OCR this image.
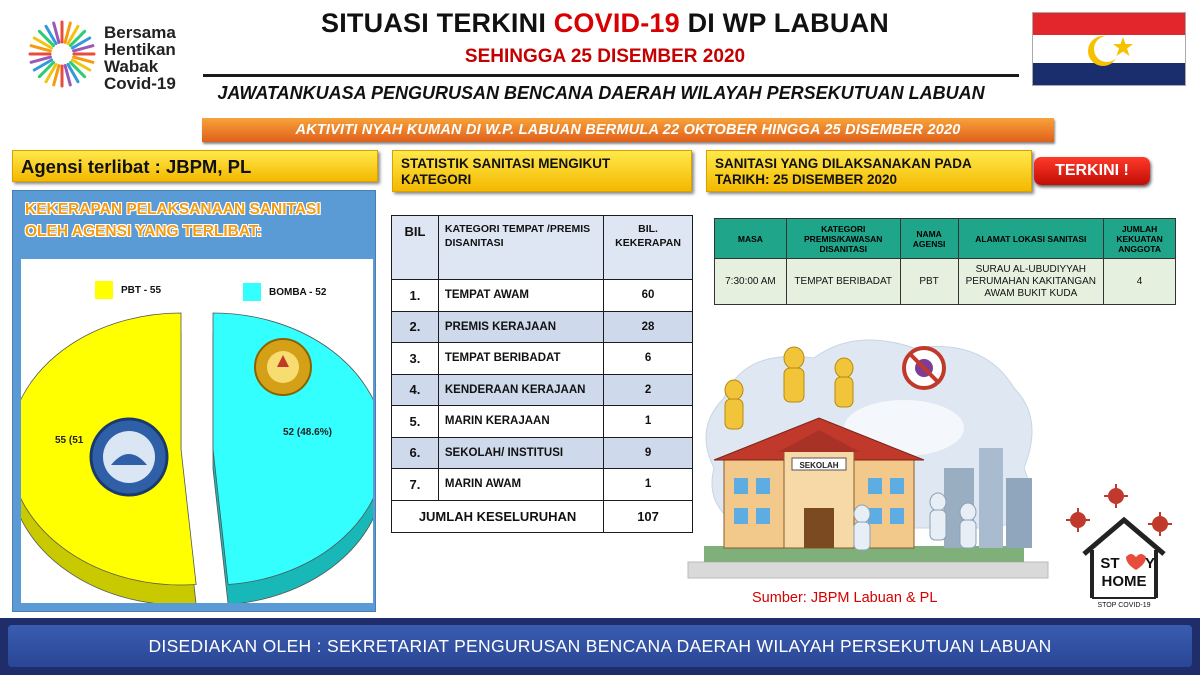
Bersama
Hentikan
Wabak
Covid-19
SITUASI TERKINI COVID-19 DI WP LABUAN
SEHINGGA 25 DISEMBER 2020
JAWATANKUASA PENGURUSAN BENCANA DAERAH WILAYAH PERSEKUTUAN LABUAN
AKTIVITI NYAH KUMAN DI W.P. LABUAN BERMULA 22 OKTOBER HINGGA 25 DISEMBER 2020
Agensi terlibat : JBPM, PL	STATISTIK SANITASI MENGIKUT KATEGORI
SANITASI YANG DILAKSANAKAN PADA TARIKH: 25 DISEMBER 2020
TERKINI !
KEKERAPAN PELAKSANAAN SANITASI
OLEH AGENSI YANG TERLIBAT:
PBT - 55	BOMBA - 52
55 (51
52 (48.6%)
BIL	KATEGORI TEMPAT /PREMIS DISANITASI	BIL. KEKERAPAN
1.	TEMPAT AWAM	60
2.	PREMIS KERAJAAN	28
3.	TEMPAT BERIBADAT	6
4.	KENDERAAN KERAJAAN	2
5.	MARIN KERAJAAN	1
6.	SEKOLAH/ INSTITUSI	9
7.	MARIN AWAM	1
JUMLAH KESELURUHAN		107
MASA	KATEGORI PREMIS/KAWASAN DISANITASI	NAMA AGENSI	ALAMAT LOKASI SANITASI	JUMLAH KEKUATAN ANGGOTA
7:30:00 AM	TEMPAT BERIBADAT	PBT	SURAU AL-UBUDIYYAH PERUMAHAN KAKITANGAN AWAM BUKIT KUDA	4
SEKOLAH
Sumber: JBPM Labuan & PL
ST Y
HOME
STOP COVID-19
DISEDIAKAN OLEH : SEKRETARIAT PENGURUSAN BENCANA DAERAH WILAYAH PERSEKUTUAN LABUAN
